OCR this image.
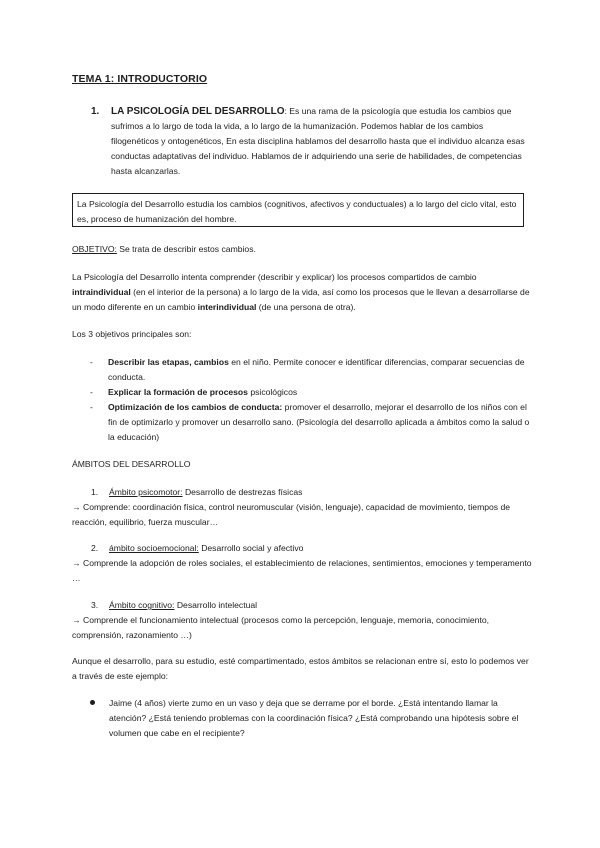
TEMA 1: INTRODUCTORIO
1. LA PSICOLOGÍA DEL DESARROLLO: Es una rama de la psicología que estudia los cambios que sufrimos a lo largo de toda la vida, a lo largo de la humanización. Podemos hablar de los cambios filogenéticos y ontogenéticos, En esta disciplina hablamos del desarrollo hasta que el individuo alcanza esas conductas adaptativas del individuo. Hablamos de ir adquiriendo una serie de habilidades, de competencias hasta alcanzarlas.
La Psicología del Desarrollo estudia los cambios (cognitivos, afectivos y conductuales) a lo largo del ciclo vital, esto es, proceso de humanización del hombre.
OBJETIVO: Se trata de describir estos cambios.
La Psicología del Desarrollo intenta comprender (describir y explicar) los procesos compartidos de cambio intraindividual (en el interior de la persona) a lo largo de la vida, así como los procesos que le llevan a desarrollarse de un modo diferente en un cambio interindividual (de una persona de otra).
Los 3 objetivos principales son:
- Describir las etapas, cambios en el niño. Permite conocer e identificar diferencias, comparar secuencias de conducta.
- Explicar la formación de procesos psicológicos
- Optimización de los cambios de conducta: promover el desarrollo, mejorar el desarrollo de los niños con el fin de optimizarlo y promover un desarrollo sano. (Psicología del desarrollo aplicada a ámbitos como la salud o la educación)
ÁMBITOS DEL DESARROLLO
1. Ámbito psicomotor: Desarrollo de destrezas físicas
→ Comprende: coordinación física, control neuromuscular (visión, lenguaje), capacidad de movimiento, tiempos de reacción, equilibrio, fuerza muscular…
2. ámbito socioemocional: Desarrollo social y afectivo
→ Comprende la adopción de roles sociales, el establecimiento de relaciones, sentimientos, emociones y temperamento …
3. Ámbito cognitivo: Desarrollo intelectual
→ Comprende el funcionamiento intelectual (procesos como la percepción, lenguaje, memoria, conocimiento, comprensión, razonamiento …)
Aunque el desarrollo, para su estudio, esté compartimentado, estos ámbitos se relacionan entre sí, esto lo podemos ver a través de este ejemplo:
Jaime (4 años) vierte zumo en un vaso y deja que se derrame por el borde. ¿Está intentando llamar la atención? ¿Está teniendo problemas con la coordinación física? ¿Está comprobando una hipótesis sobre el volumen que cabe en el recipiente?
